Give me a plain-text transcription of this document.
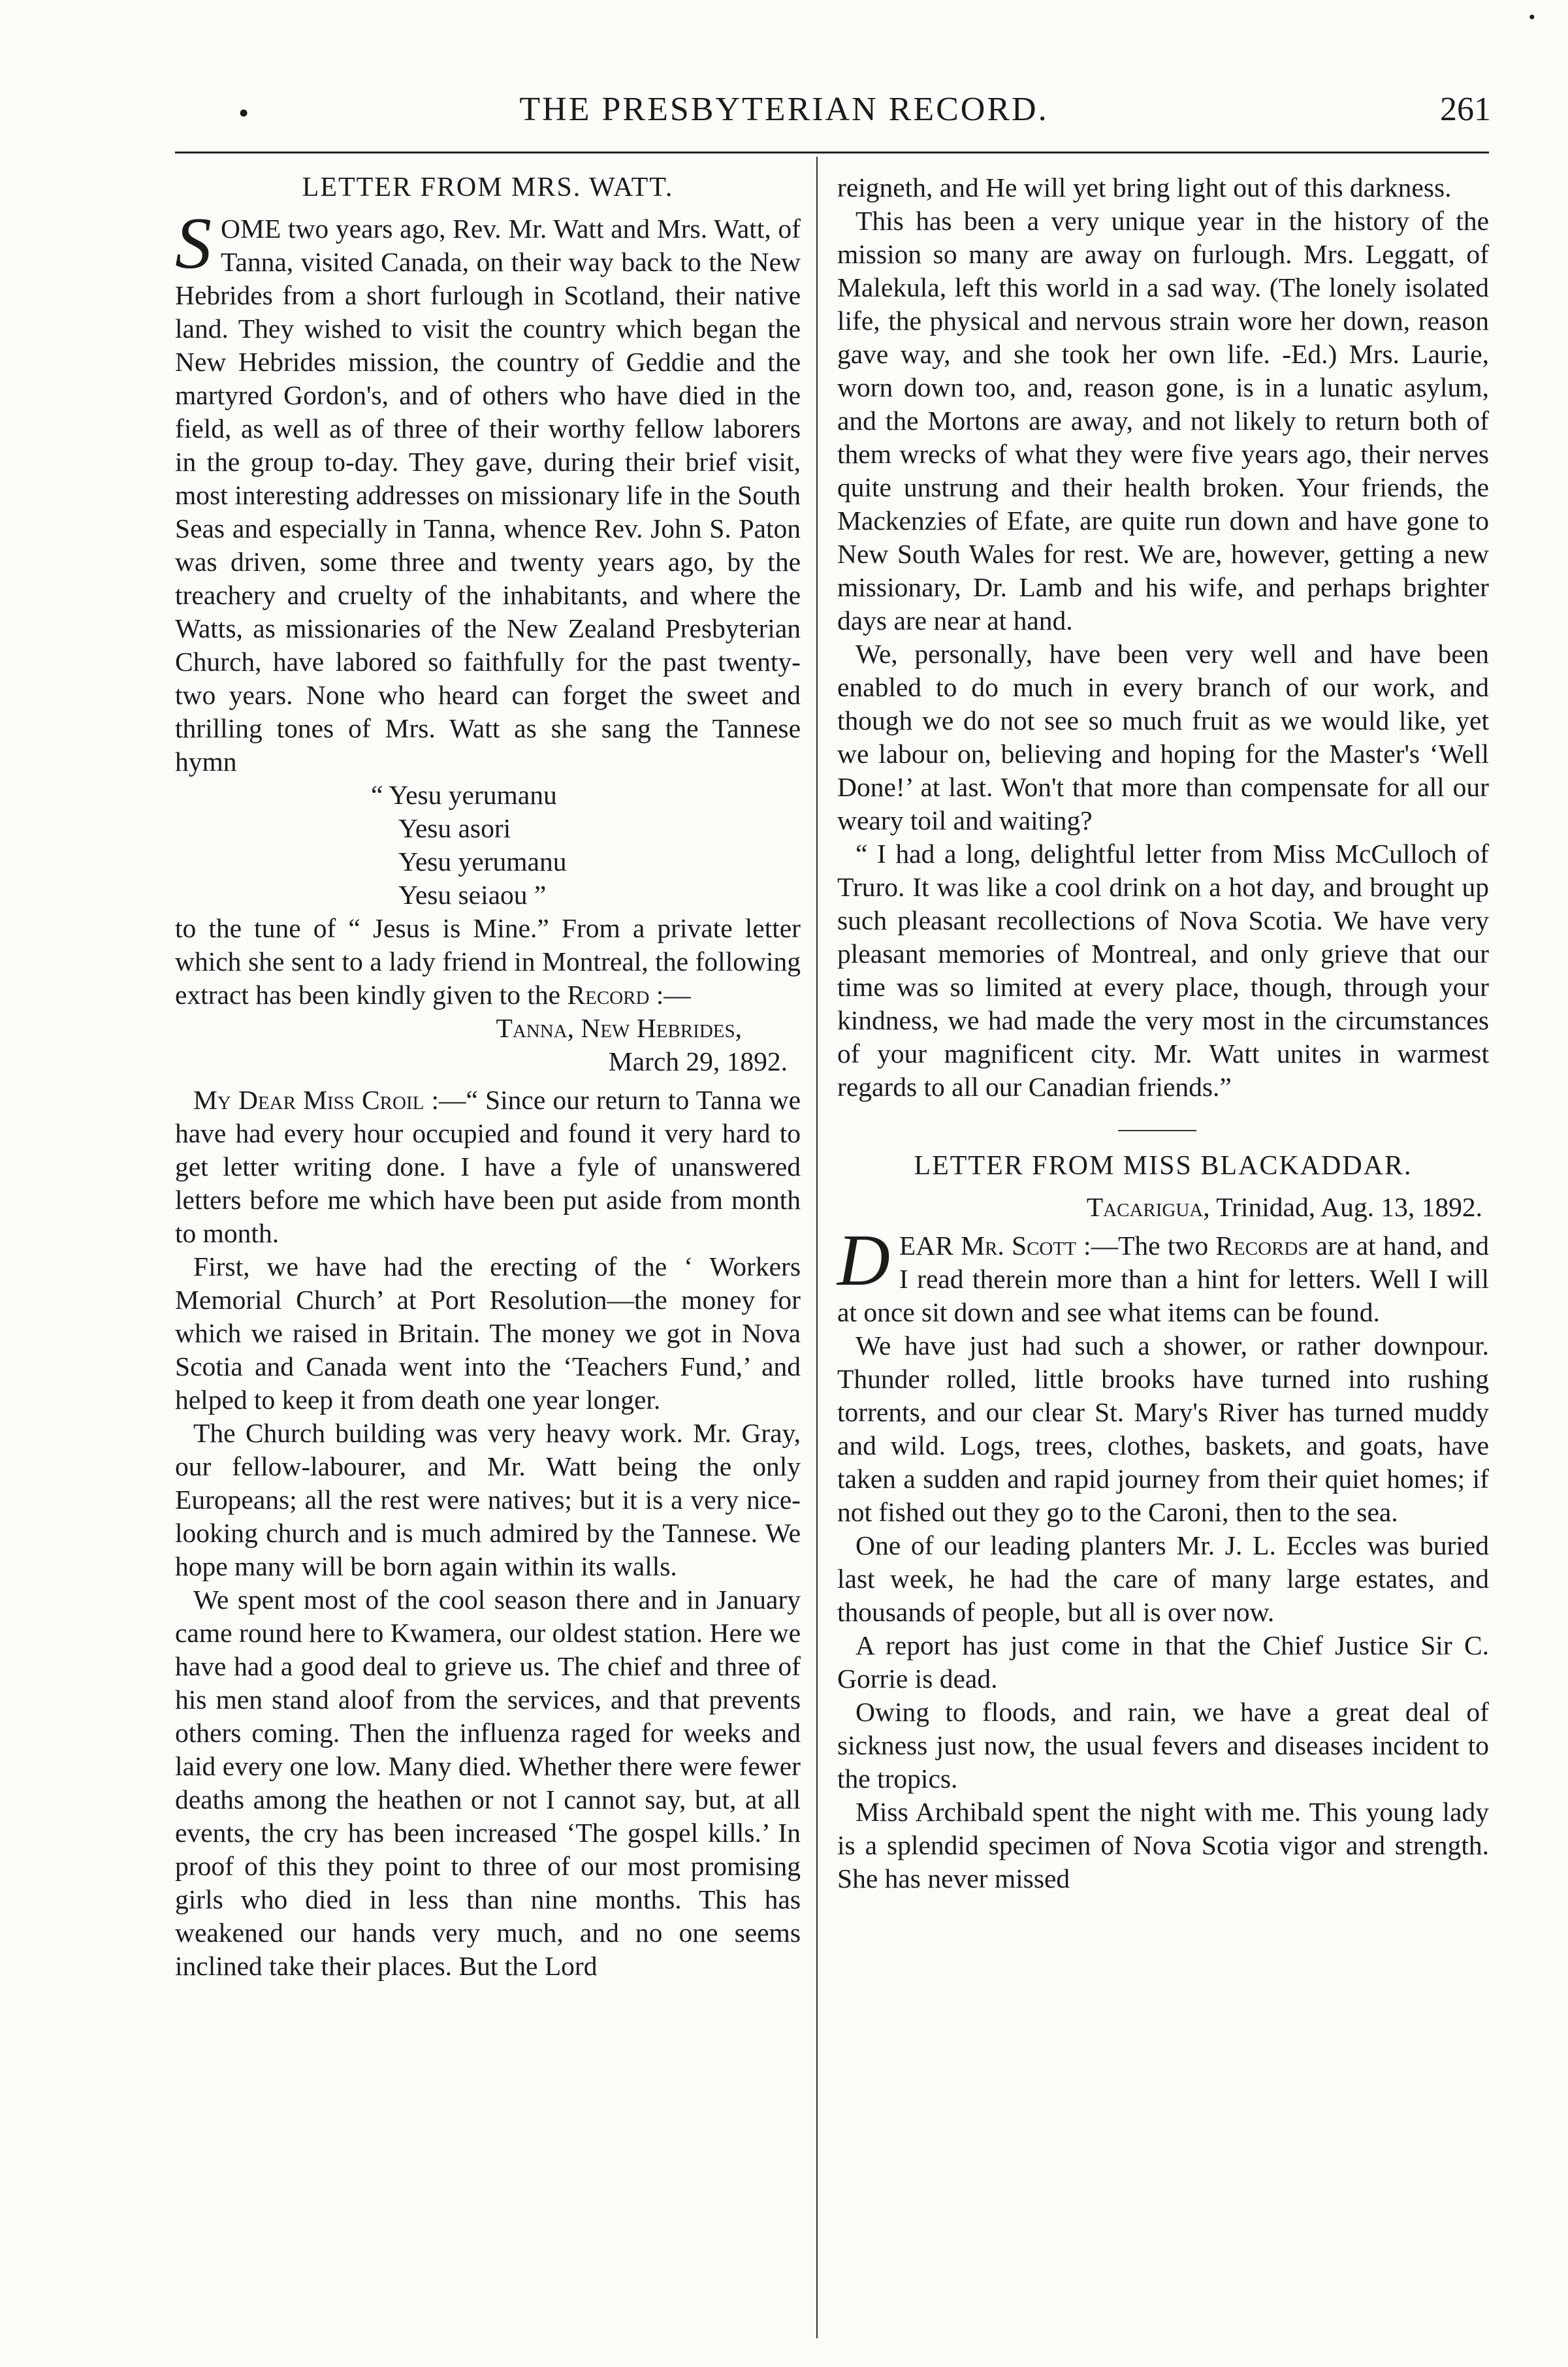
•
•	THE PRESBYTERIAN RECORD.	261
LETTER FROM MRS. WATT.

SOME two years ago, Rev. Mr. Watt and Mrs. Watt, of Tanna, visited Canada, on their way back to the New Hebrides from a short furlough in Scotland, their native land. They wished to visit the country which began the New Hebrides mission, the country of Geddie and the martyred Gordon's, and of others who have died in the field, as well as of three of their worthy fellow laborers in the group to-day. They gave, during their brief visit, most interesting addresses on missionary life in the South Seas and especially in Tanna, whence Rev. John S. Paton was driven, some three and twenty years ago, by the treachery and cruelty of the inhabitants, and where the Watts, as missionaries of the New Zealand Presbyterian Church, have labored so faithfully for the past twenty-two years. None who heard can forget the sweet and thrilling tones of Mrs. Watt as she sang the Tannese hymn

“ Yesu yerumanu
Yesu asori
Yesu yerumanu
Yesu seiaou ”

to the tune of “ Jesus is Mine.” From a private letter which she sent to a lady friend in Montreal, the following extract has been kindly given to the Record :—

Tanna, New Hebrides,

March 29, 1892.

My Dear Miss Croil :—“ Since our return to Tanna we have had every hour occupied and found it very hard to get letter writing done. I have a fyle of unanswered letters before me which have been put aside from month to month.

First, we have had the erecting of the ‘ Workers Memorial Church’ at Port Resolution—the money for which we raised in Britain. The money we got in Nova Scotia and Canada went into the ‘Teachers Fund,’ and helped to keep it from death one year longer.

The Church building was very heavy work. Mr. Gray, our fellow-labourer, and Mr. Watt being the only Europeans; all the rest were natives; but it is a very nice-looking church and is much admired by the Tannese. We hope many will be born again within its walls.

We spent most of the cool season there and in January came round here to Kwamera, our oldest station. Here we have had a good deal to grieve us. The chief and three of his men stand aloof from the services, and that prevents others coming. Then the influenza raged for weeks and laid every one low. Many died. Whether there were fewer deaths among the heathen or not I cannot say, but, at all events, the cry has been increased ‘The gospel kills.’ In proof of this they point to three of our most promising girls who died in less than nine months. This has weakened our hands very much, and no one seems inclined take their places. But the Lord

reigneth, and He will yet bring light out of this darkness.

This has been a very unique year in the history of the mission so many are away on furlough. Mrs. Leggatt, of Malekula, left this world in a sad way. (The lonely isolated life, the physical and nervous strain wore her down, reason gave way, and she took her own life. -Ed.) Mrs. Laurie, worn down too, and, reason gone, is in a lunatic asylum, and the Mortons are away, and not likely to return both of them wrecks of what they were five years ago, their nerves quite unstrung and their health broken. Your friends, the Mackenzies of Efate, are quite run down and have gone to New South Wales for rest. We are, however, getting a new missionary, Dr. Lamb and his wife, and perhaps brighter days are near at hand.

We, personally, have been very well and have been enabled to do much in every branch of our work, and though we do not see so much fruit as we would like, yet we labour on, believing and hoping for the Master's ‘Well Done!’ at last. Won't that more than compensate for all our weary toil and waiting?

“ I had a long, delightful letter from Miss McCulloch of Truro. It was like a cool drink on a hot day, and brought up such pleasant recollections of Nova Scotia. We have very pleasant memories of Montreal, and only grieve that our time was so limited at every place, though, through your kindness, we had made the very most in the circumstances of your magnificent city. Mr. Watt unites in warmest regards to all our Canadian friends.”

LETTER FROM MISS BLACKADDAR.

Tacarigua, Trinidad, Aug. 13, 1892.

DEAR Mr. Scott :—The two Records are at hand, and I read therein more than a hint for letters. Well I will at once sit down and see what items can be found.

We have just had such a shower, or rather downpour. Thunder rolled, little brooks have turned into rushing torrents, and our clear St. Mary's River has turned muddy and wild. Logs, trees, clothes, baskets, and goats, have taken a sudden and rapid journey from their quiet homes; if not fished out they go to the Caroni, then to the sea.

One of our leading planters Mr. J. L. Eccles was buried last week, he had the care of many large estates, and thousands of people, but all is over now.

A report has just come in that the Chief Justice Sir C. Gorrie is dead.

Owing to floods, and rain, we have a great deal of sickness just now, the usual fevers and diseases incident to the tropics.

Miss Archibald spent the night with me. This young lady is a splendid specimen of Nova Scotia vigor and strength. She has never missed
